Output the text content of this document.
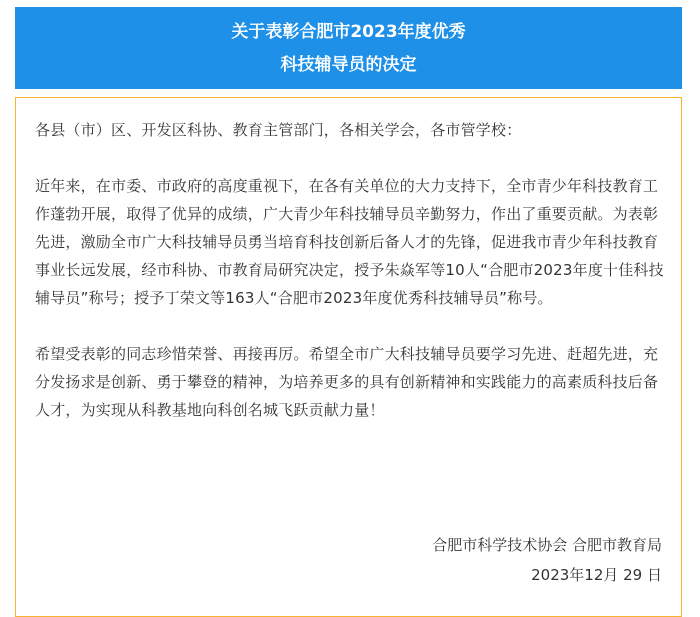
关于表彰合肥市2023年度优秀
科技辅导员的决定

各县（市）区、开发区科协、教育主管部门，各相关学会，各市管学校：

近年来，在市委、市政府的高度重视下，在各有关单位的大力支持下，全市青少年科技教育工作蓬勃开展，取得了优异的成绩，广大青少年科技辅导员辛勤努力，作出了重要贡献。为表彰先进，激励全市广大科技辅导员勇当培育科技创新后备人才的先锋，促进我市青少年科技教育事业长远发展，经市科协、市教育局研究决定，授予朱焱军等10人“合肥市2023年度十佳科技辅导员”称号；授予丁荣文等163人“合肥市2023年度优秀科技辅导员”称号。

希望受表彰的同志珍惜荣誉、再接再厉。希望全市广大科技辅导员要学习先进、赶超先进，充分发扬求是创新、勇于攀登的精神，为培养更多的具有创新精神和实践能力的高素质科技后备人才，为实现从科教基地向科创名城飞跃贡献力量！

合肥市科学技术协会 合肥市教育局
2023年12月 29 日
